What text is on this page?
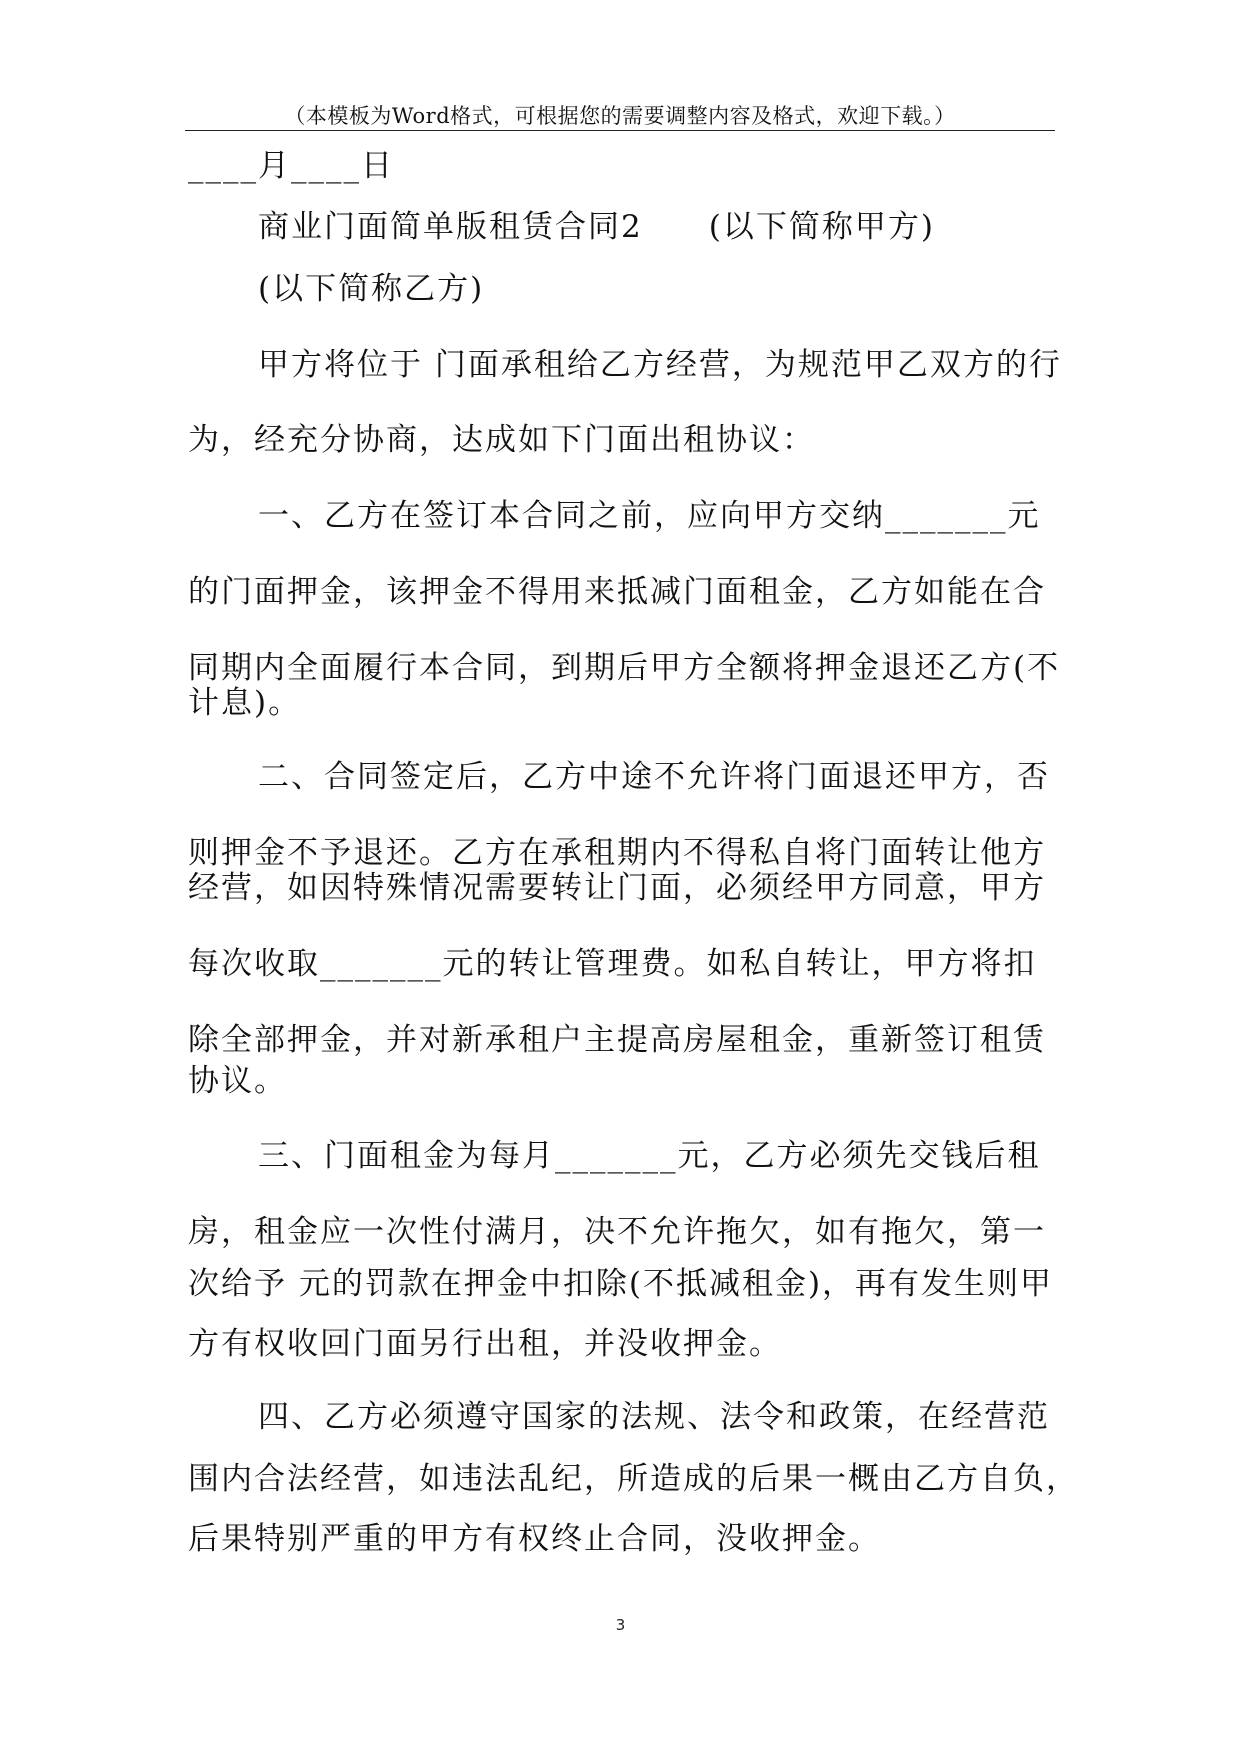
（本模板为Word格式，可根据您的需要调整内容及格式，欢迎下载。）
____月____日
商业门面简单版租赁合同2　　(以下简称甲方)
(以下简称乙方)
甲方将位于 门面承租给乙方经营，为规范甲乙双方的行
为，经充分协商，达成如下门面出租协议：
一、乙方在签订本合同之前，应向甲方交纳_______元
的门面押金，该押金不得用来抵减门面租金，乙方如能在合
同期内全面履行本合同，到期后甲方全额将押金退还乙方(不
计息)。
二、合同签定后，乙方中途不允许将门面退还甲方，否
则押金不予退还。乙方在承租期内不得私自将门面转让他方
经营，如因特殊情况需要转让门面，必须经甲方同意，甲方
每次收取_______元的转让管理费。如私自转让，甲方将扣
除全部押金，并对新承租户主提高房屋租金，重新签订租赁
协议。
三、门面租金为每月_______元，乙方必须先交钱后租
房，租金应一次性付满月，决不允许拖欠，如有拖欠，第一
次给予 元的罚款在押金中扣除(不抵减租金)，再有发生则甲
方有权收回门面另行出租，并没收押金。
四、乙方必须遵守国家的法规、法令和政策，在经营范
围内合法经营，如违法乱纪，所造成的后果一概由乙方自负，
后果特别严重的甲方有权终止合同，没收押金。
3
